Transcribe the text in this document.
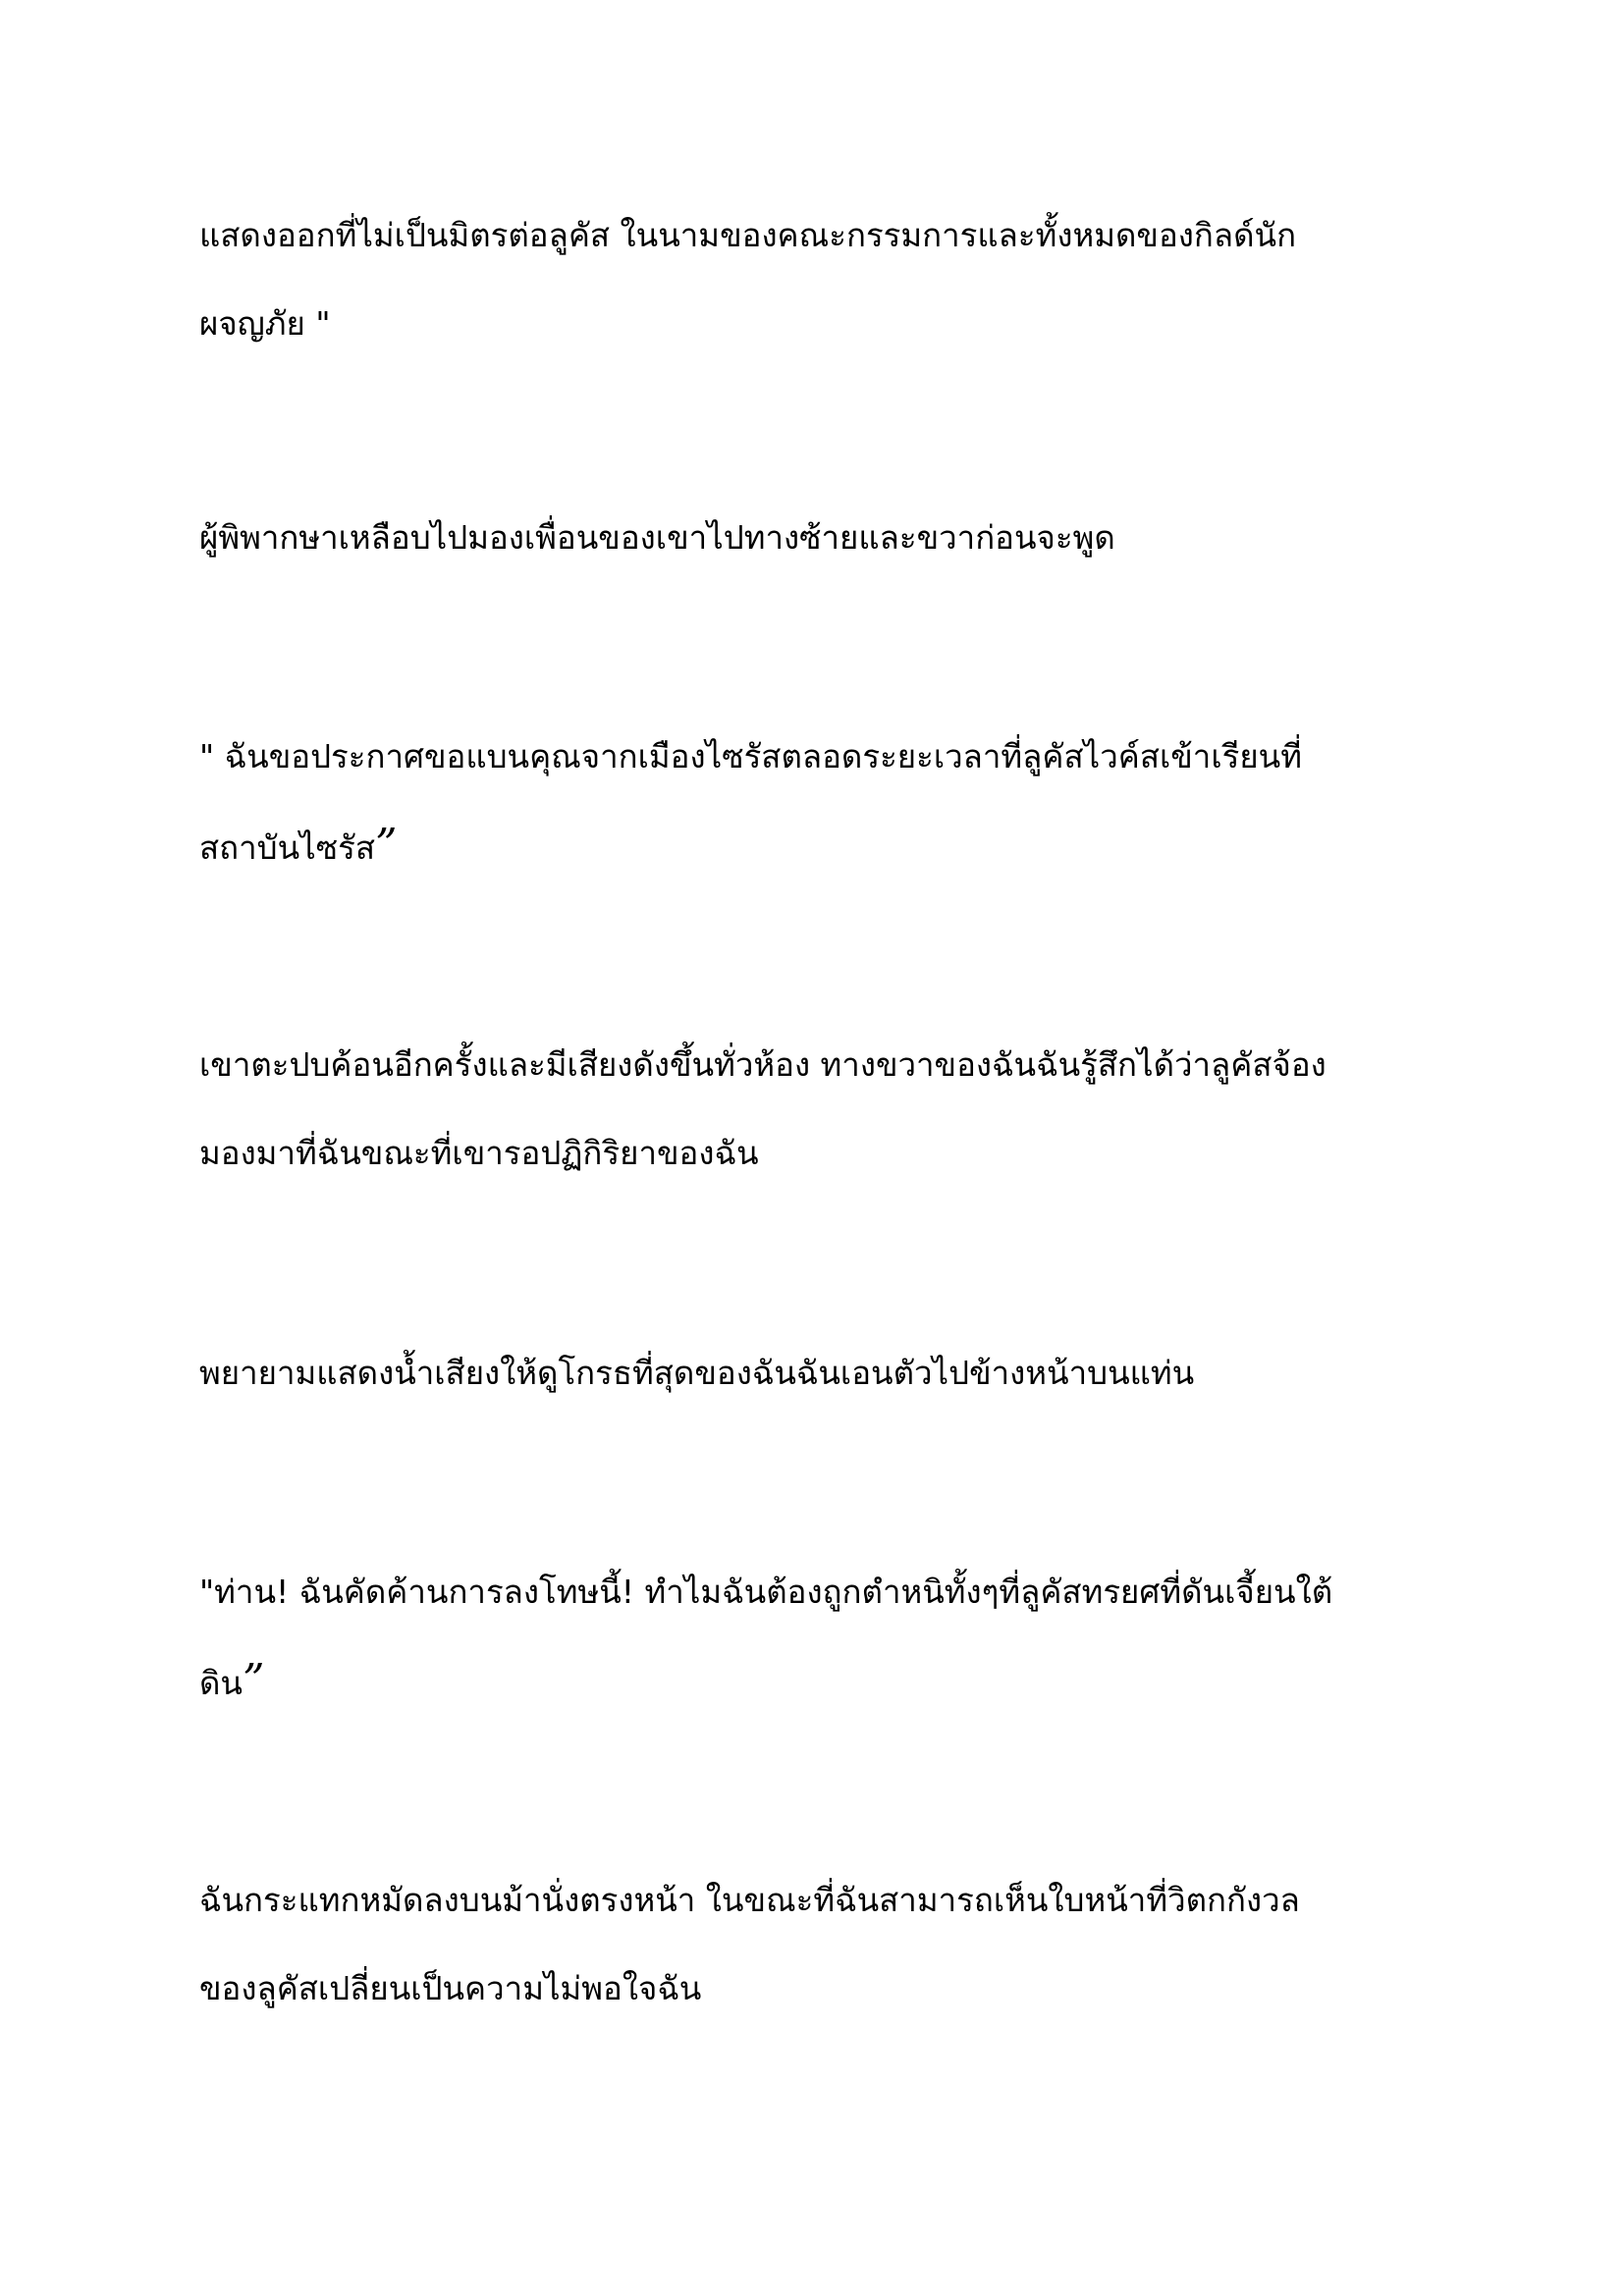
แสดงออกที่ไม่เป็นมิตรต่อลูคัส ในนามของคณะกรรมการและทั้งหมดของกิลด์นัก
ผจญภัย "

ผู้พิพากษาเหลือบไปมองเพื่อนของเขาไปทางซ้ายและขวาก่อนจะพูด

" ฉันขอประกาศขอแบนคุณจากเมืองไซรัสตลอดระยะเวลาที่ลูคัสไวค์สเข้าเรียนที่
สถาบันไซรัส”

เขาตะปบค้อนอีกครั้งและมีเสียงดังขึ้นทั่วห้อง ทางขวาของฉันฉันรู้สึกได้ว่าลูคัสจ้อง
มองมาที่ฉันขณะที่เขารอปฏิกิริยาของฉัน

พยายามแสดงน้ำเสียงให้ดูโกรธที่สุดของฉันฉันเอนตัวไปข้างหน้าบนแท่น

"ท่าน! ฉันคัดค้านการลงโทษนี้! ทำไมฉันต้องถูกตำหนิทั้งๆที่ลูคัสทรยศที่ดันเจี้ยนใต้
ดิน”

ฉันกระแทกหมัดลงบนม้านั่งตรงหน้า ในขณะที่ฉันสามารถเห็นใบหน้าที่วิตกกังวล
ของลูคัสเปลี่ยนเป็นความไม่พอใจฉัน
